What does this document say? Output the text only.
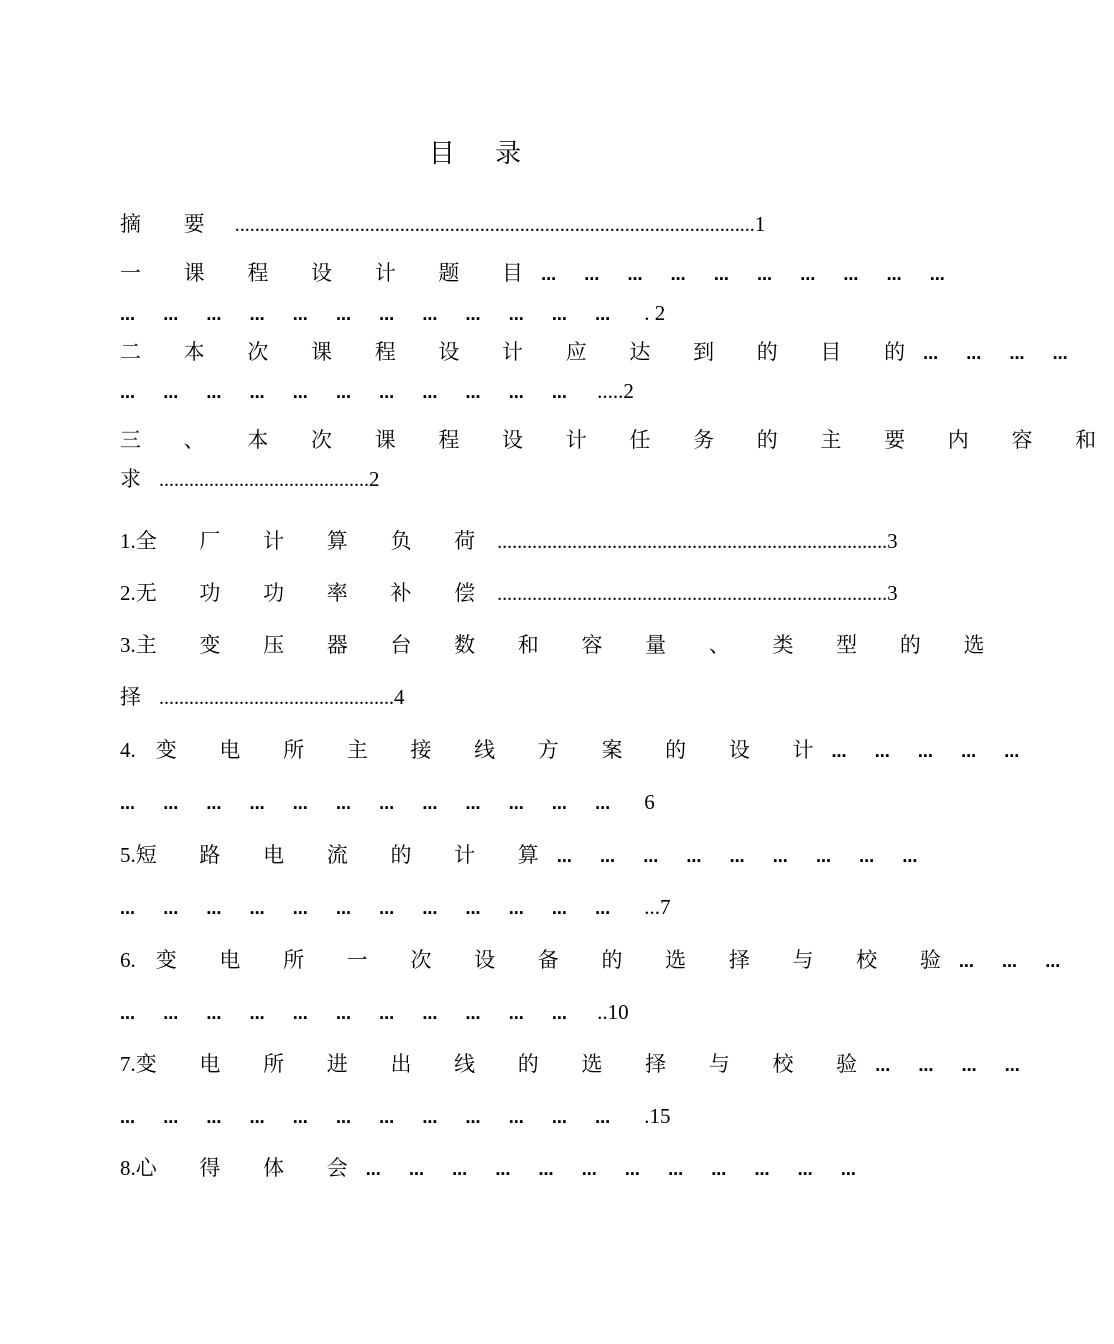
目 录
摘 要 ........................................................................................................1
一 课 程 设 计 题 目… … … … … … … … … …
… … … … … … … … … … … … . 2
二 本 次 课 程 设 计 应 达 到 的 目 的… … … …
… … … … … … … … … … … .....2
三 、 本 次 课 程 设 计 任 务 的 主 要 内 容 和
求..........................................2
1.全 厂 计 算 负 荷 ..............................................................................3
2.无 功 功 率 补 偿 ..............................................................................3
3.主 变 压 器 台 数 和 容 量 、 类 型 的 选
择...............................................4
4. 变 电 所 主 接 线 方 案 的 设 计… … … … …
… … … … … … … … … … … … 6
5.短 路 电 流 的 计 算… … … … … … … … …
… … … … … … … … … … … … ...7
6. 变 电 所 一 次 设 备 的 选 择 与 校 验… … …
… … … … … … … … … … … ..10
7.变 电 所 进 出 线 的 选 择 与 校 验… … … …
… … … … … … … … … … … … .15
8.心 得 体 会… … … … … … … … … … … …
